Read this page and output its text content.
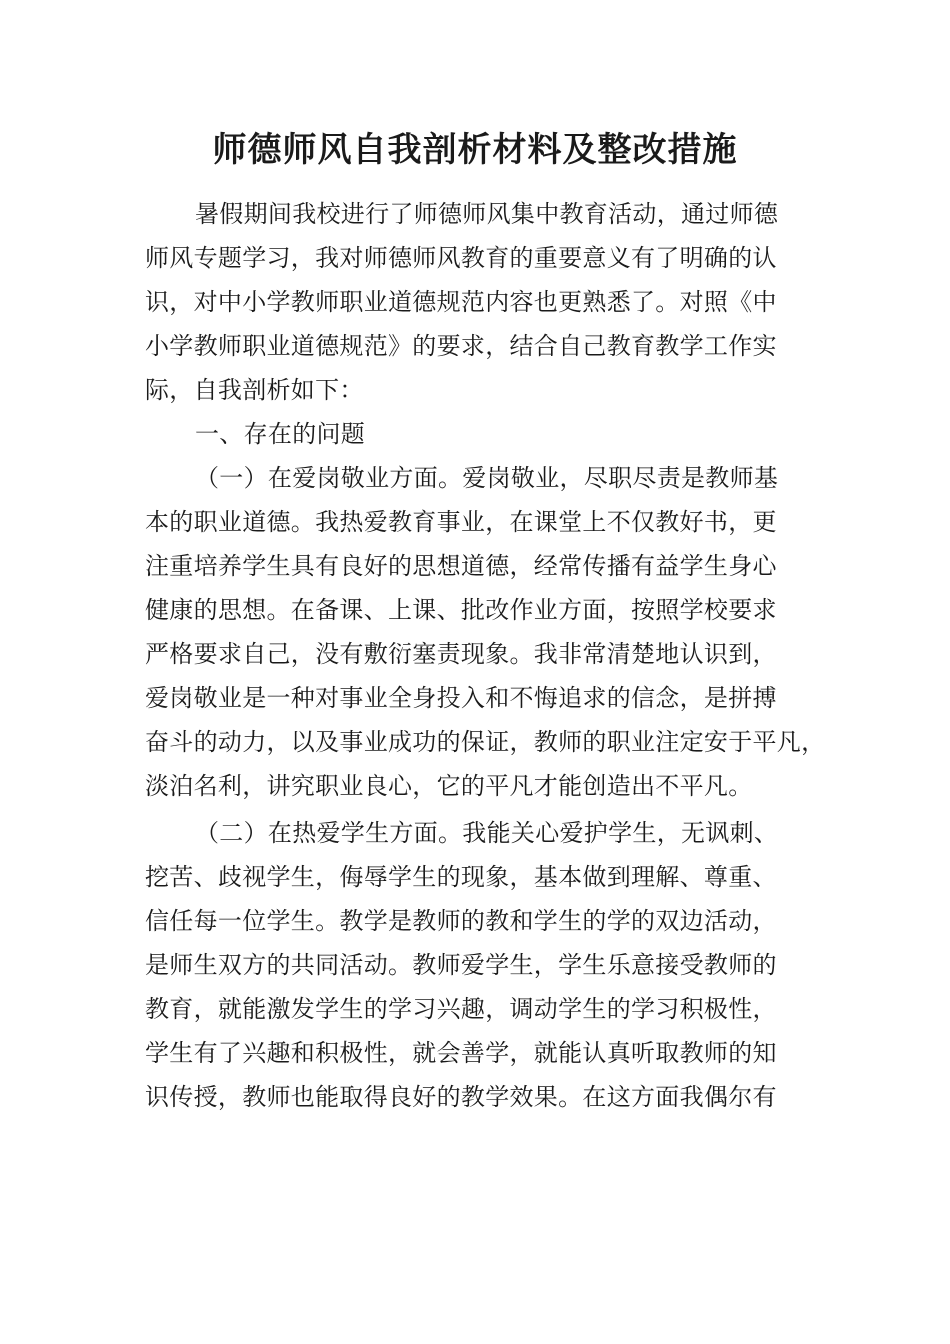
师德师风自我剖析材料及整改措施
暑假期间我校进行了师德师风集中教育活动，通过师德
师风专题学习，我对师德师风教育的重要意义有了明确的认
识，对中小学教师职业道德规范内容也更熟悉了。对照《中
小学教师职业道德规范》的要求，结合自己教育教学工作实
际，自我剖析如下：
一、存在的问题
（一）在爱岗敬业方面。爱岗敬业，尽职尽责是教师基
本的职业道德。我热爱教育事业，在课堂上不仅教好书，更
注重培养学生具有良好的思想道德，经常传播有益学生身心
健康的思想。在备课、上课、批改作业方面，按照学校要求
严格要求自己，没有敷衍塞责现象。我非常清楚地认识到，
爱岗敬业是一种对事业全身投入和不悔追求的信念，是拼搏
奋斗的动力，以及事业成功的保证，教师的职业注定安于平凡，
淡泊名利，讲究职业良心，它的平凡才能创造出不平凡。
（二）在热爱学生方面。我能关心爱护学生，无讽刺、
挖苦、歧视学生，侮辱学生的现象，基本做到理解、尊重、
信任每一位学生。教学是教师的教和学生的学的双边活动，
是师生双方的共同活动。教师爱学生，学生乐意接受教师的
教育，就能激发学生的学习兴趣，调动学生的学习积极性，
学生有了兴趣和积极性，就会善学，就能认真听取教师的知
识传授，教师也能取得良好的教学效果。在这方面我偶尔有
